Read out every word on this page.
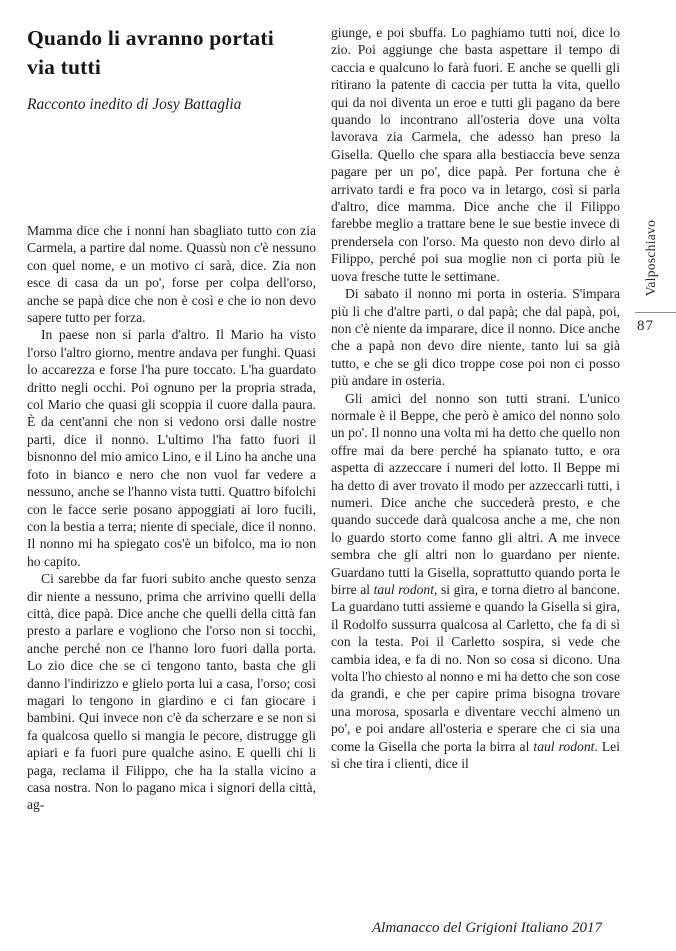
Quando li avranno portati
via tutti
Racconto inedito di Josy Battaglia

Mamma dice che i nonni han sbagliato tutto con zia Carmela, a partire dal nome. Quassù non c'è nessuno con quel nome, e un motivo ci sarà, dice. Zia non esce di casa da un po', forse per colpa dell'orso, anche se papà dice che non è così e che io non devo sapere tutto per forza.

In paese non si parla d'altro. Il Mario ha visto l'orso l'altro giorno, mentre andava per funghi. Quasi lo accarezza e forse l'ha pure toccato. L'ha guardato dritto negli occhi. Poi ognuno per la propria strada, col Mario che quasi gli scoppia il cuore dalla paura. È da cent'anni che non si vedono orsi dalle nostre parti, dice il nonno. L'ultimo l'ha fatto fuori il bisnonno del mio amico Lino, e il Lino ha anche una foto in bianco e nero che non vuol far vedere a nessuno, anche se l'hanno vista tutti. Quattro bifolchi con le facce serie posano appoggiati ai loro fucili, con la bestia a terra; niente di speciale, dice il nonno. Il nonno mi ha spiegato cos'è un bifolco, ma io non ho capito.

Ci sarebbe da far fuori subito anche questo senza dir niente a nessuno, prima che arrivino quelli della città, dice papà. Dice anche che quelli della città fan presto a parlare e vogliono che l'orso non si tocchi, anche perché non ce l'hanno loro fuori dalla porta. Lo zio dice che se ci tengono tanto, basta che gli danno l'indirizzo e glielo porta lui a casa, l'orso; così magari lo tengono in giardino e ci fan giocare i bambini. Qui invece non c'è da scherzare e se non si fa qualcosa quello si mangia le pecore, distrugge gli apiari e fa fuori pure qualche asino. E quelli chi li paga, reclama il Filippo, che ha la stalla vicino a casa nostra. Non lo pagano mica i signori della città, ag-

giunge, e poi sbuffa. Lo paghiamo tutti noi, dice lo zio. Poi aggiunge che basta aspettare il tempo di caccia e qualcuno lo farà fuori. E anche se quelli gli ritirano la patente di caccia per tutta la vita, quello qui da noi diventa un eroe e tutti gli pagano da bere quando lo incontrano all'osteria dove una volta lavorava zia Carmela, che adesso han preso la Gisella. Quello che spara alla bestiaccia beve senza pagare per un po', dice papà. Per fortuna che è arrivato tardi e fra poco va in letargo, così si parla d'altro, dice mamma. Dice anche che il Filippo farebbe meglio a trattare bene le sue bestie invece di prendersela con l'orso. Ma questo non devo dirlo al Filippo, perché poi sua moglie non ci porta più le uova fresche tutte le settimane.

Di sabato il nonno mi porta in osteria. S'impara più lì che d'altre parti, o dal papà; che dal papà, poi, non c'è niente da imparare, dice il nonno. Dice anche che a papà non devo dire niente, tanto lui sa già tutto, e che se gli dico troppe cose poi non ci posso più andare in osteria.

Gli amici del nonno son tutti strani. L'unico normale è il Beppe, che però è amico del nonno solo un po'. Il nonno una volta mi ha detto che quello non offre mai da bere perché ha spianato tutto, e ora aspetta di azzeccare i numeri del lotto. Il Beppe mi ha detto di aver trovato il modo per azzeccarli tutti, i numeri. Dice anche che succederà presto, e che quando succede darà qualcosa anche a me, che non lo guardo storto come fanno gli altri. A me invece sembra che gli altri non lo guardano per niente. Guardano tutti la Gisella, soprattutto quando porta le birre al taul rodont, si gira, e torna dietro al bancone. La guardano tutti assieme e quando la Gisella si gira, il Rodolfo sussurra qualcosa al Carletto, che fa di sì con la testa. Poi il Carletto sospira, si vede che cambia idea, e fa di no. Non so cosa si dicono. Una volta l'ho chiesto al nonno e mi ha detto che son cose da grandi, e che per capire prima bisogna trovare una morosa, sposarla e diventare vecchi almeno un po', e poi andare all'osteria e sperare che ci sia una come la Gisella che porta la birra al taul rodont. Lei sì che tira i clienti, dice il

Valposchiavo
87
Almanacco del Grigioni Italiano 2017
